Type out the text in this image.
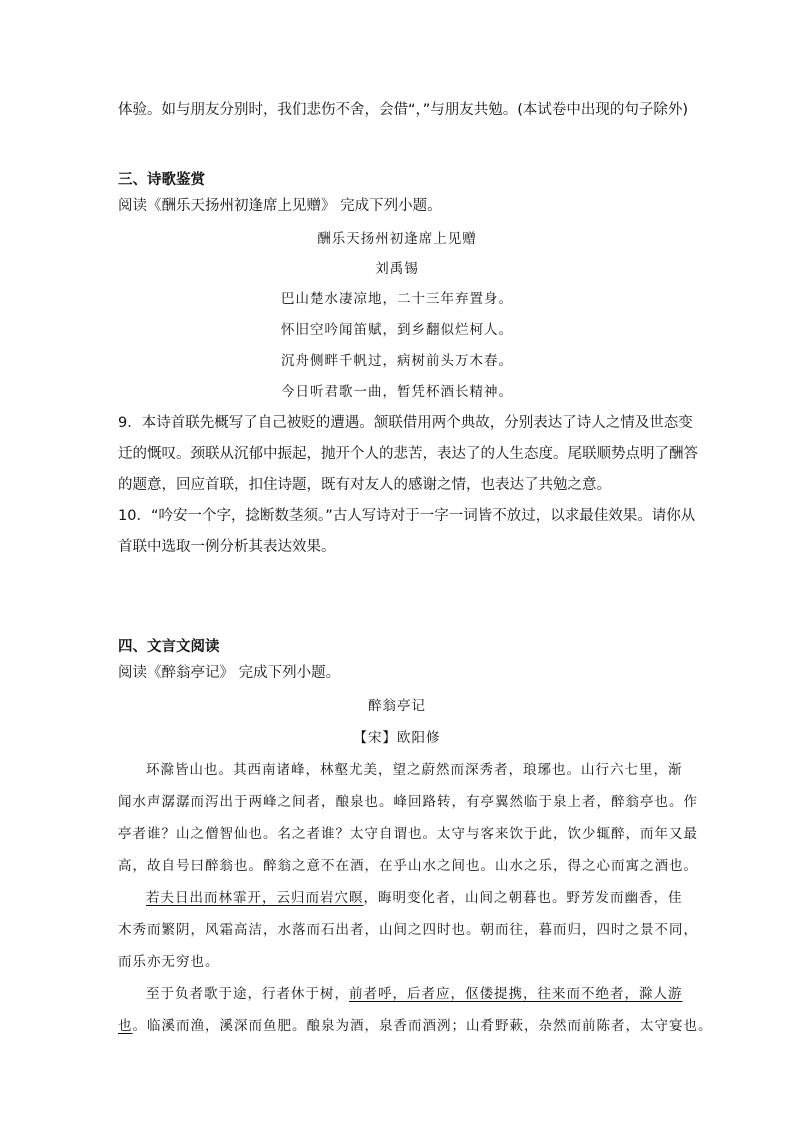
体验。如与朋友分别时，我们悲伤不舍，会借“，”与朋友共勉。(本试卷中出现的句子除外)
三、诗歌鉴赏
阅读《酬乐天扬州初逢席上见赠》 完成下列小题。
酬乐天扬州初逢席上见赠
刘禹锡
巴山楚水凄凉地，二十三年弃置身。
怀旧空吟闻笛赋，到乡翻似烂柯人。
沉舟侧畔千帆过，病树前头万木春。
今日听君歌一曲，暂凭杯酒长精神。
9．本诗首联先概写了自己被贬的遭遇。颔联借用两个典故，分别表达了诗人之情及世态变
迁的慨叹。颈联从沉郁中振起，抛开个人的悲苦，表达了的人生态度。尾联顺势点明了酬答
的题意，回应首联，扣住诗题，既有对友人的感谢之情，也表达了共勉之意。
10．“吟安一个字，捻断数茎须。”古人写诗对于一字一词皆不放过，以求最佳效果。请你从
首联中选取一例分析其表达效果。
四、文言文阅读
阅读《醉翁亭记》 完成下列小题。
醉翁亭记
【宋】欧阳修
环滁皆山也。其西南诸峰，林壑尤美，望之蔚然而深秀者，琅琊也。山行六七里，渐
闻水声潺潺而泻出于两峰之间者，酿泉也。峰回路转，有亭翼然临于泉上者，醉翁亭也。作
亭者谁？山之僧智仙也。名之者谁？太守自谓也。太守与客来饮于此，饮少辄醉，而年又最
高，故自号曰醉翁也。醉翁之意不在酒，在乎山水之间也。山水之乐，得之心而寓之酒也。
若夫日出而林霏开，云归而岩穴暝，晦明变化者，山间之朝暮也。野芳发而幽香，佳
木秀而繁阴，风霜高洁，水落而石出者，山间之四时也。朝而往，暮而归，四时之景不同，
而乐亦无穷也。
至于负者歌于途，行者休于树，前者呼，后者应，伛偻提携，往来而不绝者，滁人游
也。临溪而渔，溪深而鱼肥。酿泉为酒，泉香而酒洌；山肴野蔌，杂然而前陈者，太守宴也。
